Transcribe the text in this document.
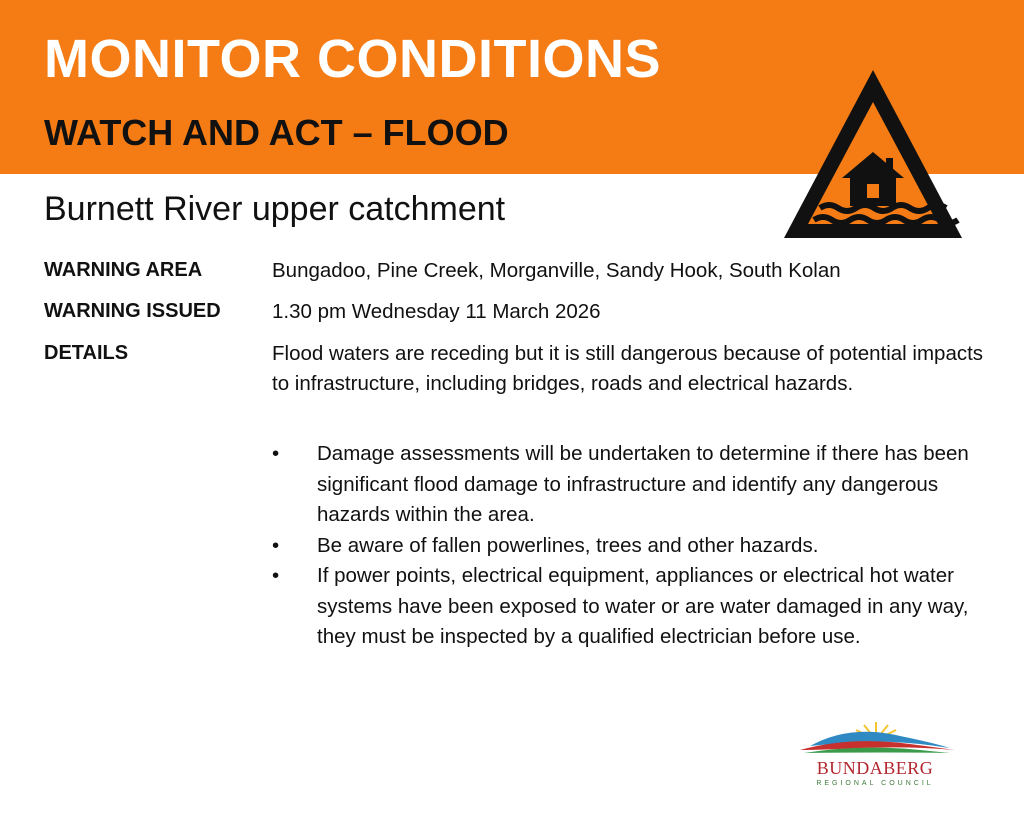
MONITOR CONDITIONS
WATCH AND ACT – FLOOD
Burnett River upper catchment
WARNING AREA	Bungadoo, Pine Creek, Morganville, Sandy Hook, South Kolan
WARNING ISSUED	1.30 pm Wednesday 11 March 2026
DETAILS	Flood waters are receding but it is still dangerous because of potential impacts to infrastructure, including bridges, roads and electrical hazards.
• Damage assessments will be undertaken to determine if there has been significant flood damage to infrastructure and identify any dangerous hazards within the area.
• Be aware of fallen powerlines, trees and other hazards.
• If power points, electrical equipment, appliances or electrical hot water systems have been exposed to water or are water damaged in any way, they must be inspected by a qualified electrician before use.
BUNDABERG
REGIONAL COUNCIL
